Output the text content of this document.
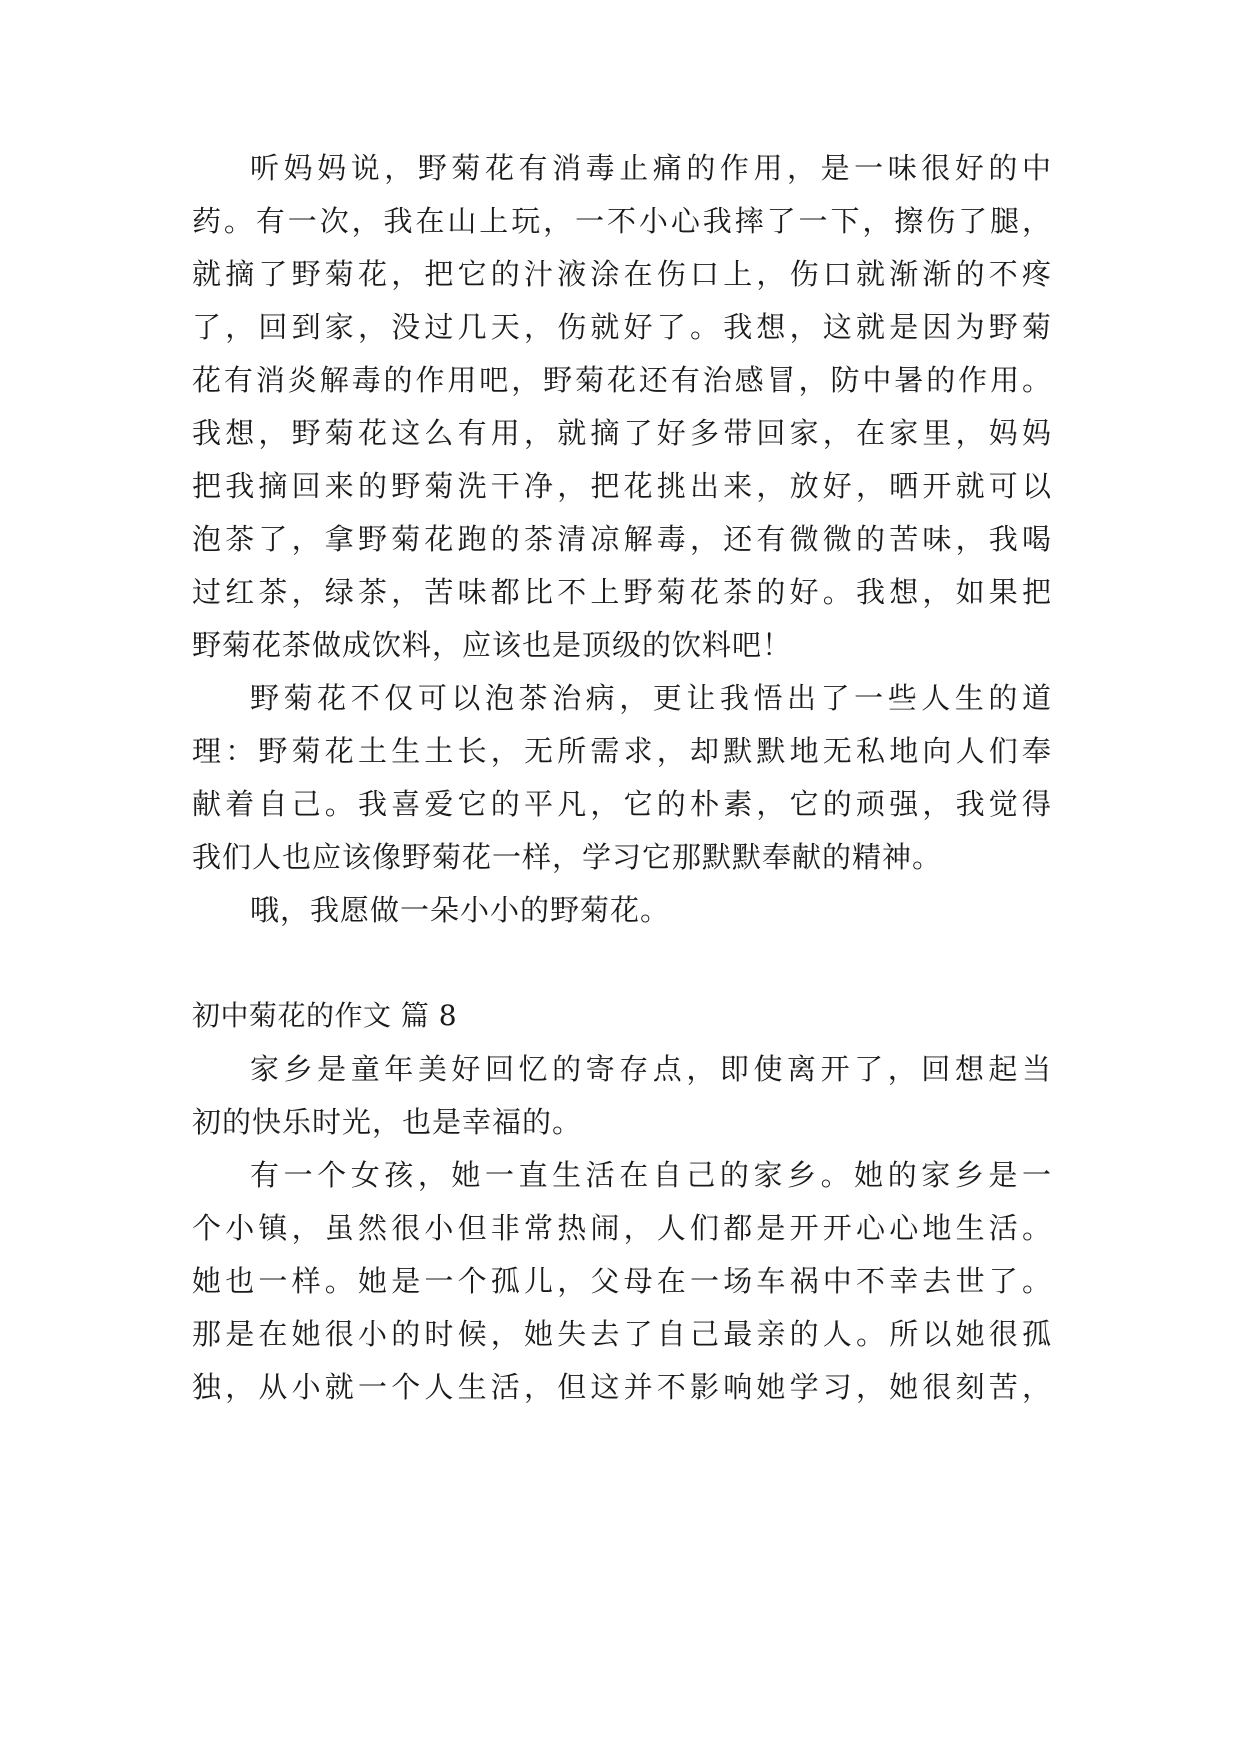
听妈妈说，野菊花有消毒止痛的作用，是一味很好的中
药。有一次，我在山上玩，一不小心我摔了一下，擦伤了腿，
就摘了野菊花，把它的汁液涂在伤口上，伤口就渐渐的不疼
了，回到家，没过几天，伤就好了。我想，这就是因为野菊
花有消炎解毒的作用吧，野菊花还有治感冒，防中暑的作用。
我想，野菊花这么有用，就摘了好多带回家，在家里，妈妈
把我摘回来的野菊洗干净，把花挑出来，放好，晒开就可以
泡茶了，拿野菊花跑的茶清凉解毒，还有微微的苦味，我喝
过红茶，绿茶，苦味都比不上野菊花茶的好。我想，如果把
野菊花茶做成饮料，应该也是顶级的饮料吧！
野菊花不仅可以泡茶治病，更让我悟出了一些人生的道
理：野菊花土生土长，无所需求，却默默地无私地向人们奉
献着自己。我喜爱它的平凡，它的朴素，它的顽强，我觉得
我们人也应该像野菊花一样，学习它那默默奉献的精神。
哦，我愿做一朵小小的野菊花。
初中菊花的作文 篇 8
家乡是童年美好回忆的寄存点，即使离开了，回想起当
初的快乐时光，也是幸福的。
有一个女孩，她一直生活在自己的家乡。她的家乡是一
个小镇，虽然很小但非常热闹，人们都是开开心心地生活。
她也一样。她是一个孤儿，父母在一场车祸中不幸去世了。
那是在她很小的时候，她失去了自己最亲的人。所以她很孤
独，从小就一个人生活，但这并不影响她学习，她很刻苦，
